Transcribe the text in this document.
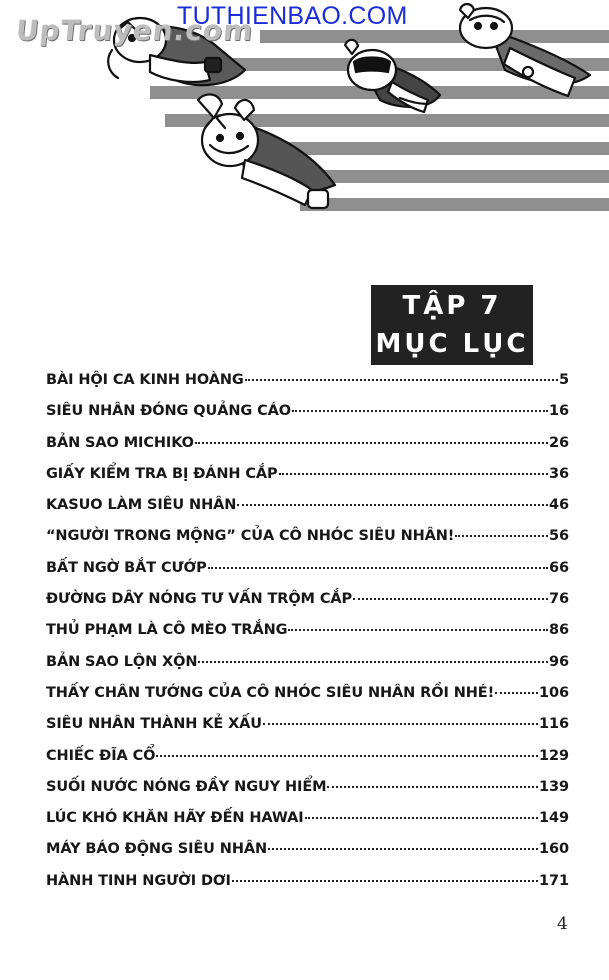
UpTruyen.com
TUTHIENBAO.COM
TẬP 7
MỤC LỤC
BÀI HỘI CA KINH HOÀNG	5
SIÊU NHÂN ĐÓNG QUẢNG CÁO	16
BẢN SAO MICHIKO	26
GIẤY KIỂM TRA BỊ ĐÁNH CẮP	36
KASUO LÀM SIÊU NHÂN	46
“NGƯỜI TRONG MỘNG” CỦA CÔ NHÓC SIÊU NHÂN!	56
BẤT NGỜ BẮT CƯỚP	66
ĐƯỜNG DÂY NÓNG TƯ VẤN TRỘM CẮP	76
THỦ PHẠM LÀ CÔ MÈO TRẮNG	86
BẢN SAO LỘN XỘN	96
THẤY CHÂN TƯỚNG CỦA CÔ NHÓC SIÊU NHÂN RỒI NHÉ!	106
SIÊU NHÂN THÀNH KẺ XẤU	116
CHIẾC ĐĨA CỔ	129
SUỐI NƯỚC NÓNG ĐẦY NGUY HIỂM	139
LÚC KHÓ KHĂN HÃY ĐẾN HAWAI	149
MÁY BÁO ĐỘNG SIÊU NHÂN	160
HÀNH TINH NGƯỜI DƠI	171
4
